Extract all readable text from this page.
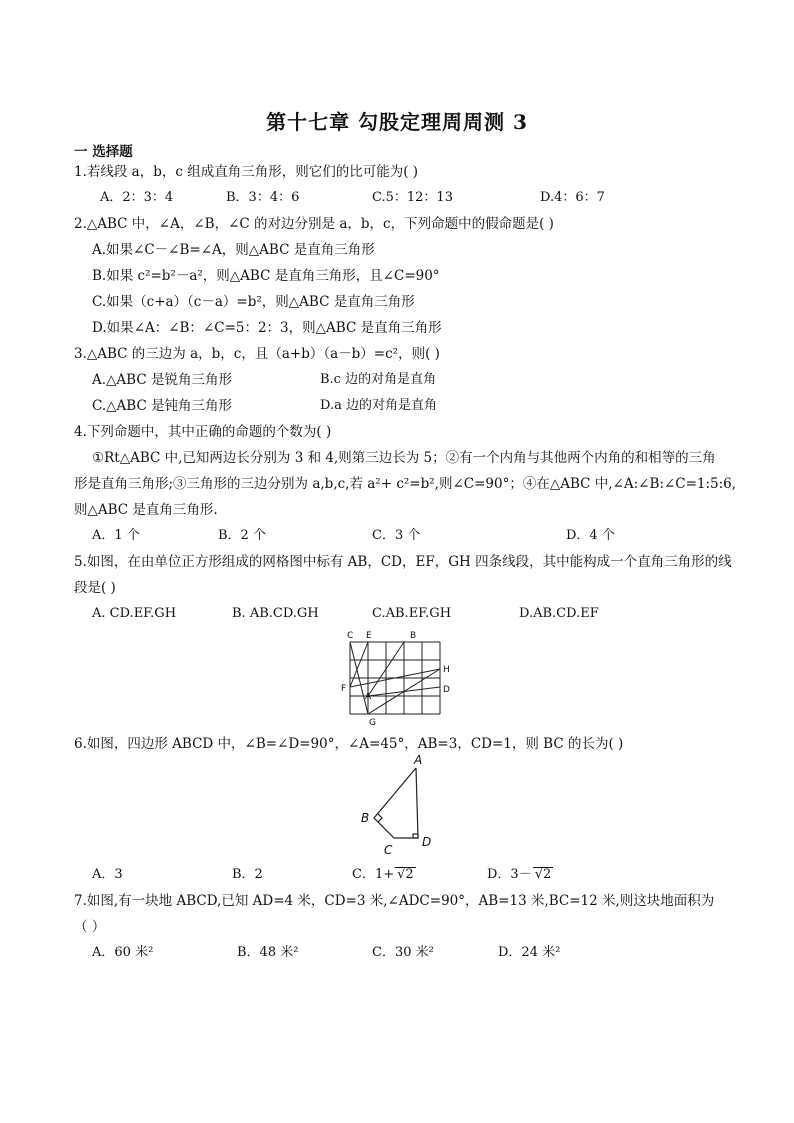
第十七章 勾股定理周周测 3
一 选择题
1.若线段 a，b，c 组成直角三角形，则它们的比可能为( )
A．2：3：4	B．3：4：6	C.5：12：13	D.4：6：7
2.△ABC 中，∠A，∠B，∠C 的对边分别是 a，b，c，下列命题中的假命题是( )
A.如果∠C－∠B=∠A，则△ABC 是直角三角形
B.如果 c²=b²－a²，则△ABC 是直角三角形，且∠C=90°
C.如果（c+a）（c－a）=b²，则△ABC 是直角三角形
D.如果∠A：∠B：∠C=5：2：3，则△ABC 是直角三角形
3.△ABC 的三边为 a，b，c，且（a+b）（a－b）=c²，则( )
A.△ABC 是锐角三角形	B.c 边的对角是直角
C.△ABC 是钝角三角形	D.a 边的对角是直角
4.下列命题中，其中正确的命题的个数为( )
①Rt△ABC 中,已知两边长分别为 3 和 4,则第三边长为 5；②有一个内角与其他两个内角的和相等的三角
形是直角三角形;③三角形的三边分别为 a,b,c,若 a²+ c²=b²,则∠C=90°；④在△ABC 中,∠A:∠B:∠C=1:5:6,
则△ABC 是直角三角形.
A．1 个	B．2 个	C．3 个	D．4 个
5.如图，在由单位正方形组成的网格图中标有 AB，CD，EF，GH 四条线段，其中能构成一个直角三角形的线
段是( )
A. CD.EF.GH	B. AB.CD.GH	C.AB.EF.GH	D.AB.CD.EF
C E	B
H
F
A
D
G
6.如图，四边形 ABCD 中，∠B=∠D=90°，∠A=45°，AB=3，CD=1，则 BC 的长为( )
A
B
C
D
A．3	B．2	C．1+ √2	D．3－ √2
7.如图,有一块地 ABCD,已知 AD=4 米，CD=3 米,∠ADC=90°，AB=13 米,BC=12 米,则这块地面积为
（ ）
A．60 米²	B．48 米²	C．30 米²	D．24 米²
